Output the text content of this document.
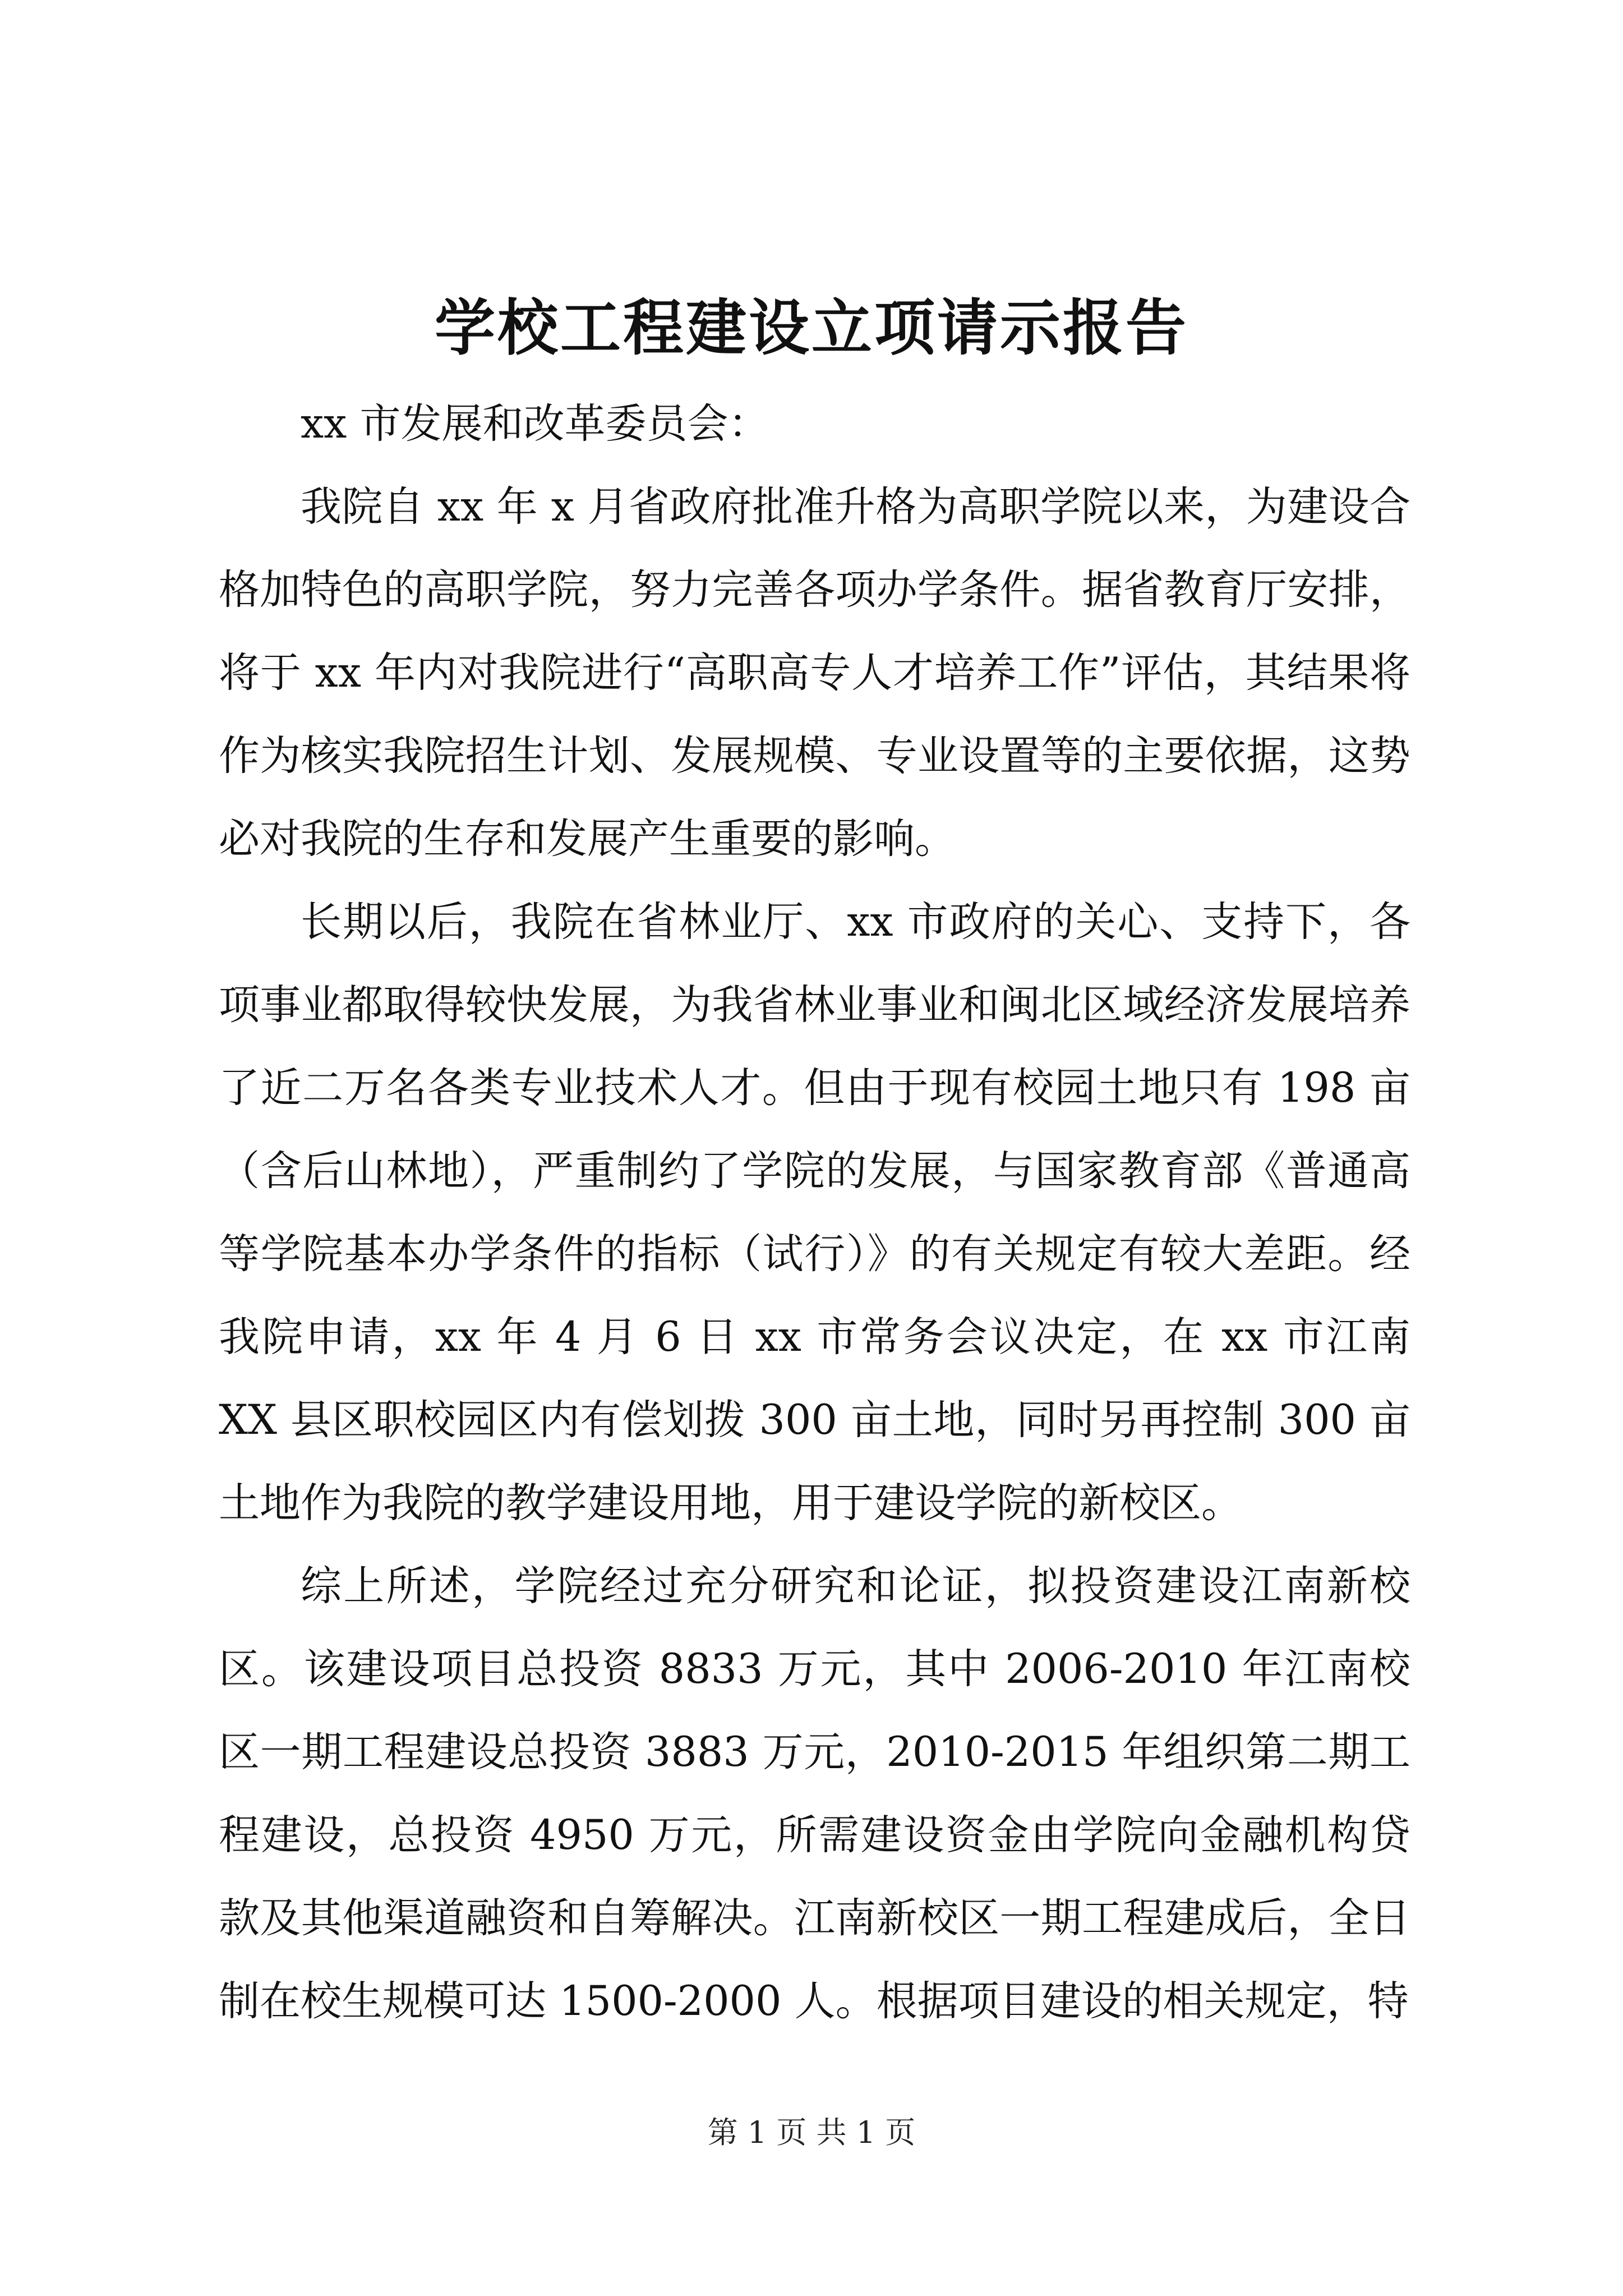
学校工程建设立项请示报告

xx 市发展和改革委员会：

我院自 xx 年 x 月省政府批准升格为高职学院以来，为建设合格加特色的高职学院，努力完善各项办学条件。据省教育厅安排，将于 xx 年内对我院进行“高职高专人才培养工作”评估，其结果将作为核实我院招生计划、发展规模、专业设置等的主要依据，这势必对我院的生存和发展产生重要的影响。

长期以后，我院在省林业厅、xx 市政府的关心、支持下，各项事业都取得较快发展，为我省林业事业和闽北区域经济发展培养了近二万名各类专业技术人才。但由于现有校园土地只有 198 亩（含后山林地），严重制约了学院的发展，与国家教育部《普通高等学院基本办学条件的指标（试行）》的有关规定有较大差距。经我院申请，xx 年 4 月 6 日 xx 市常务会议决定，在 xx 市江南 XX 县区职校园区内有偿划拨 300 亩土地，同时另再控制 300 亩土地作为我院的教学建设用地，用于建设学院的新校区。

综上所述，学院经过充分研究和论证，拟投资建设江南新校区。该建设项目总投资 8833 万元，其中 2006-2010 年江南校区一期工程建设总投资 3883 万元，2010-2015 年组织第二期工程建设，总投资 4950 万元，所需建设资金由学院向金融机构贷款及其他渠道融资和自筹解决。江南新校区一期工程建成后，全日制在校生规模可达 1500-2000 人。根据项目建设的相关规定，特

第 1 页 共 1 页
